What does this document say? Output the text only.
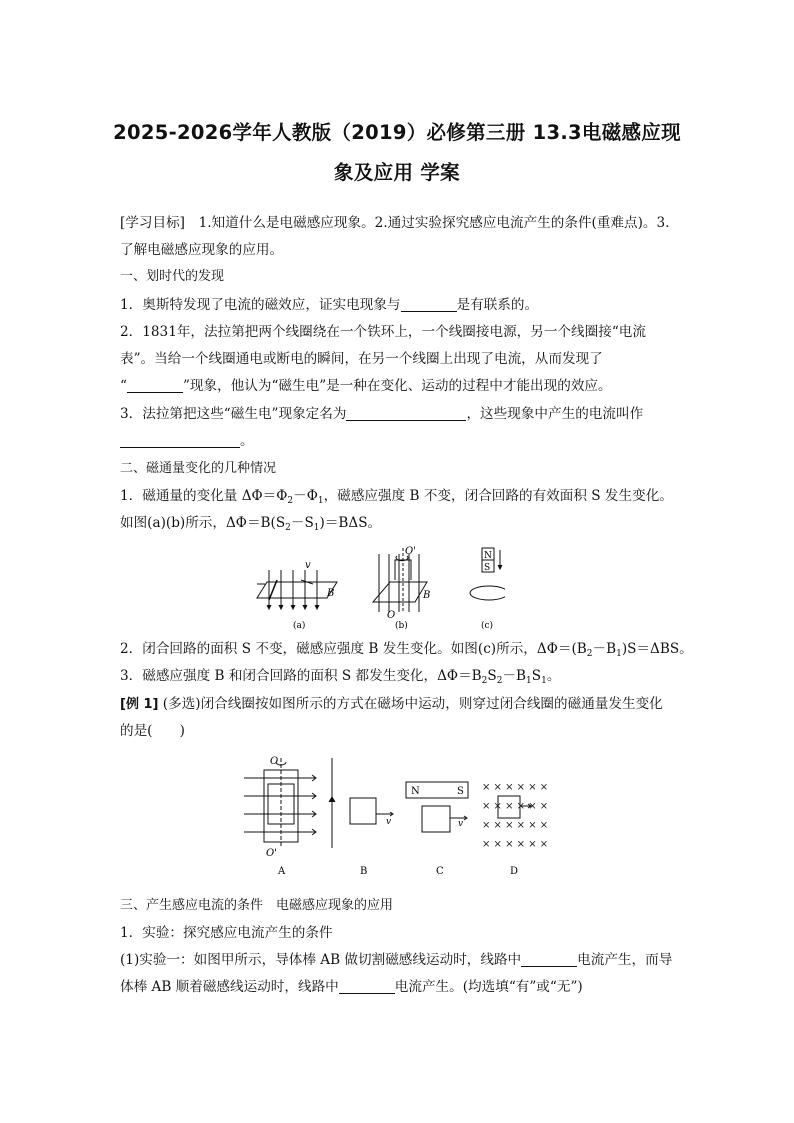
2025-2026学年人教版（2019）必修第三册 13.3电磁感应现
象及应用 学案
[学习目标]　1.知道什么是电磁感应现象。2.通过实验探究感应电流产生的条件(重难点)。3.
了解电磁感应现象的应用。
一、划时代的发现
1．奥斯特发现了电流的磁效应，证实电现象与	是有联系的。
2．1831年，法拉第把两个线圈绕在一个铁环上，一个线圈接电源，另一个线圈接“电流
表”。当给一个线圈通电或断电的瞬间，在另一个线圈上出现了电流，从而发现了
“	”现象，他认为“磁生电”是一种在变化、运动的过程中才能出现的效应。
3．法拉第把这些“磁生电”现象定名为	，这些现象中产生的电流叫作
。
二、磁通量变化的几种情况
1．磁通量的变化量 $\Delta\Phi=\Phi_2-\Phi_1$，磁感应强度 B 不变，闭合回路的有效面积 S 发生变化。
如图(a)(b)所示，$\Delta\Phi=B(S_2-S_1)=B\Delta S$。
v
B
(a)
O'
O
B
(b)
N
S
(c)
2．闭合回路的面积 S 不变，磁感应强度 B 发生变化。如图(c)所示，$\Delta\Phi=(B_2-B_1)S=\Delta BS$。
3．磁感应强度 B 和闭合回路的面积 S 都发生变化，$\Delta\Phi=B_2S_2-B_1S_1$。
[例 1] (多选)闭合线圈按如图所示的方式在磁场中运动，则穿过闭合线圈的磁通量发生变化
的是(　　)
O
O'
A
v
B
N	S
v
C
× × × × × ×
× × × × × ×
× × × × × ×
× × × × × ×
D
三、产生感应电流的条件　电磁感应现象的应用
1．实验：探究感应电流产生的条件
(1)实验一：如图甲所示，导体棒 AB 做切割磁感线运动时，线路中	电流产生，而导
体棒 AB 顺着磁感线运动时，线路中	电流产生。(均选填“有”或“无”)
